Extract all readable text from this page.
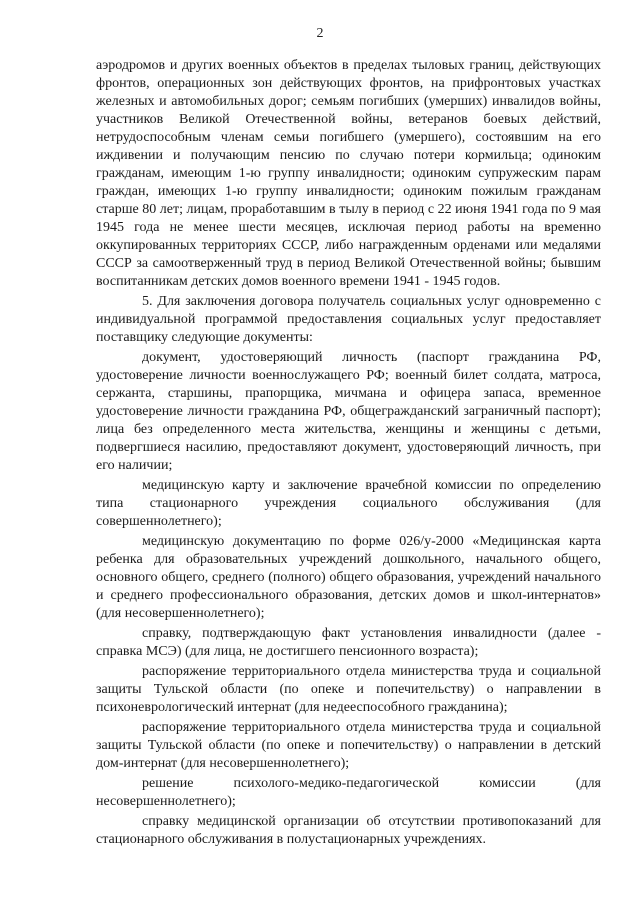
2

аэродромов и других военных объектов в пределах тыловых границ, действующих фронтов, операционных зон действующих фронтов, на прифронтовых участках железных и автомобильных дорог; семьям погибших (умерших) инвалидов войны, участников Великой Отечественной войны, ветеранов боевых действий, нетрудоспособным членам семьи погибшего (умершего), состоявшим на его иждивении и получающим пенсию по случаю потери кормильца; одиноким гражданам, имеющим 1-ю группу инвалидности; одиноким супружеским парам граждан, имеющих 1-ю группу инвалидности; одиноким пожилым гражданам старше 80 лет; лицам, проработавшим в тылу в период с 22 июня 1941 года по 9 мая 1945 года не менее шести месяцев, исключая период работы на временно оккупированных территориях СССР, либо награжденным орденами или медалями СССР за самоотверженный труд в период Великой Отечественной войны; бывшим воспитанникам детских домов военного времени 1941 - 1945 годов.

5. Для заключения договора получатель социальных услуг одновременно с индивидуальной программой предоставления социальных услуг предоставляет поставщику следующие документы:

документ, удостоверяющий личность (паспорт гражданина РФ, удостоверение личности военнослужащего РФ; военный билет солдата, матроса, сержанта, старшины, прапорщика, мичмана и офицера запаса, временное удостоверение личности гражданина РФ, общегражданский заграничный паспорт); лица без определенного места жительства, женщины и женщины с детьми, подвергшиеся насилию, предоставляют документ, удостоверяющий личность, при его наличии;

медицинскую карту и заключение врачебной комиссии по определению типа стационарного учреждения социального обслуживания (для совершеннолетнего);

медицинскую документацию по форме 026/у-2000 «Медицинская карта ребенка для образовательных учреждений дошкольного, начального общего, основного общего, среднего (полного) общего образования, учреждений начального и среднего профессионального образования, детских домов и школ-интернатов» (для несовершеннолетнего);

справку, подтверждающую факт установления инвалидности (далее - справка МСЭ) (для лица, не достигшего пенсионного возраста);

распоряжение территориального отдела министерства труда и социальной защиты Тульской области (по опеке и попечительству) о направлении в психоневрологический интернат (для недееспособного гражданина);

распоряжение территориального отдела министерства труда и социальной защиты Тульской области (по опеке и попечительству) о направлении в детский дом-интернат (для несовершеннолетнего);

решение психолого-медико-педагогической комиссии (для несовершеннолетнего);

справку медицинской организации об отсутствии противопоказаний для стационарного обслуживания в полустационарных учреждениях.
